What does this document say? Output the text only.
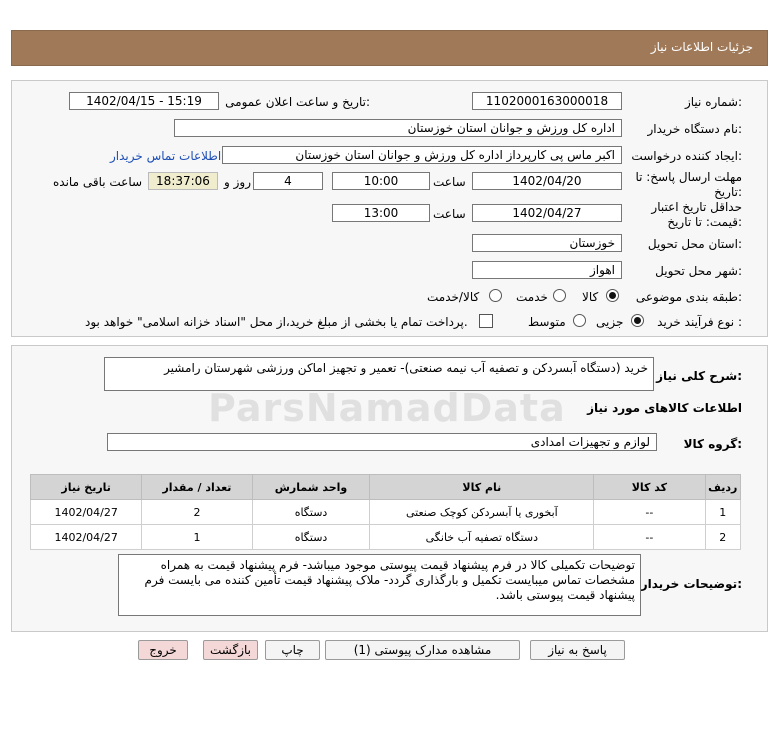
جزئیات اطلاعات نیاز
شماره نیاز:
1102000163000018
تاریخ و ساعت اعلان عمومی:
1402/04/15 - 15:19
نام دستگاه خریدار:
اداره کل ورزش و جوانان استان خوزستان
ایجاد کننده درخواست:
اکبر ماس پی کارپرداز اداره کل ورزش و جوانان استان خوزستان
اطلاعات تماس خریدار
مهلت ارسال پاسخ: تا
تاریخ:
1402/04/20
ساعت
10:00
4
روز و
18:37:06
ساعت باقی مانده
حداقل تاریخ اعتبار
قیمت: تا تاریخ:
1402/04/27
ساعت
13:00
استان محل تحویل:
خوزستان
شهر محل تحویل:
اهواز
طبقه بندی موضوعی:
کالا
خدمت
کالا/خدمت
نوع فرآیند خرید :
جزیی
متوسط
پرداخت تمام یا بخشی از مبلغ خرید،از محل "اسناد خزانه اسلامی" خواهد بود.
شرح کلی نیاز:
خرید (دستگاه آبسردکن و تصفیه آب نیمه صنعتی)- تعمیر و تجهیز اماکن ورزشی شهرستان رامشیر
اطلاعات کالاهای مورد نیاز
گروه کالا:
لوازم و تجهیزات امدادی
ردیف	کد کالا	نام کالا	واحد شمارش	تعداد / مقدار	تاریخ نیاز
1	--	آبخوری یا آبسردکن کوچک صنعتی	دستگاه	2	1402/04/27
2	--	دستگاه تصفیه آب خانگی	دستگاه	1	1402/04/27
توضیحات خریدار:
توضیحات تکمیلی کالا در فرم پیشنهاد قیمت پیوستی موجود میباشد- فرم پیشنهاد قیمت به همراه مشخصات تماس میبایست تکمیل و بارگذاری گردد- ملاک پیشنهاد قیمت تأمین کننده می بایست فرم پیشنهاد قیمت پیوستی باشد.
ParsNamadData
پاسخ به نیاز
مشاهده مدارک پیوستی (1)
چاپ
بازگشت
خروج
